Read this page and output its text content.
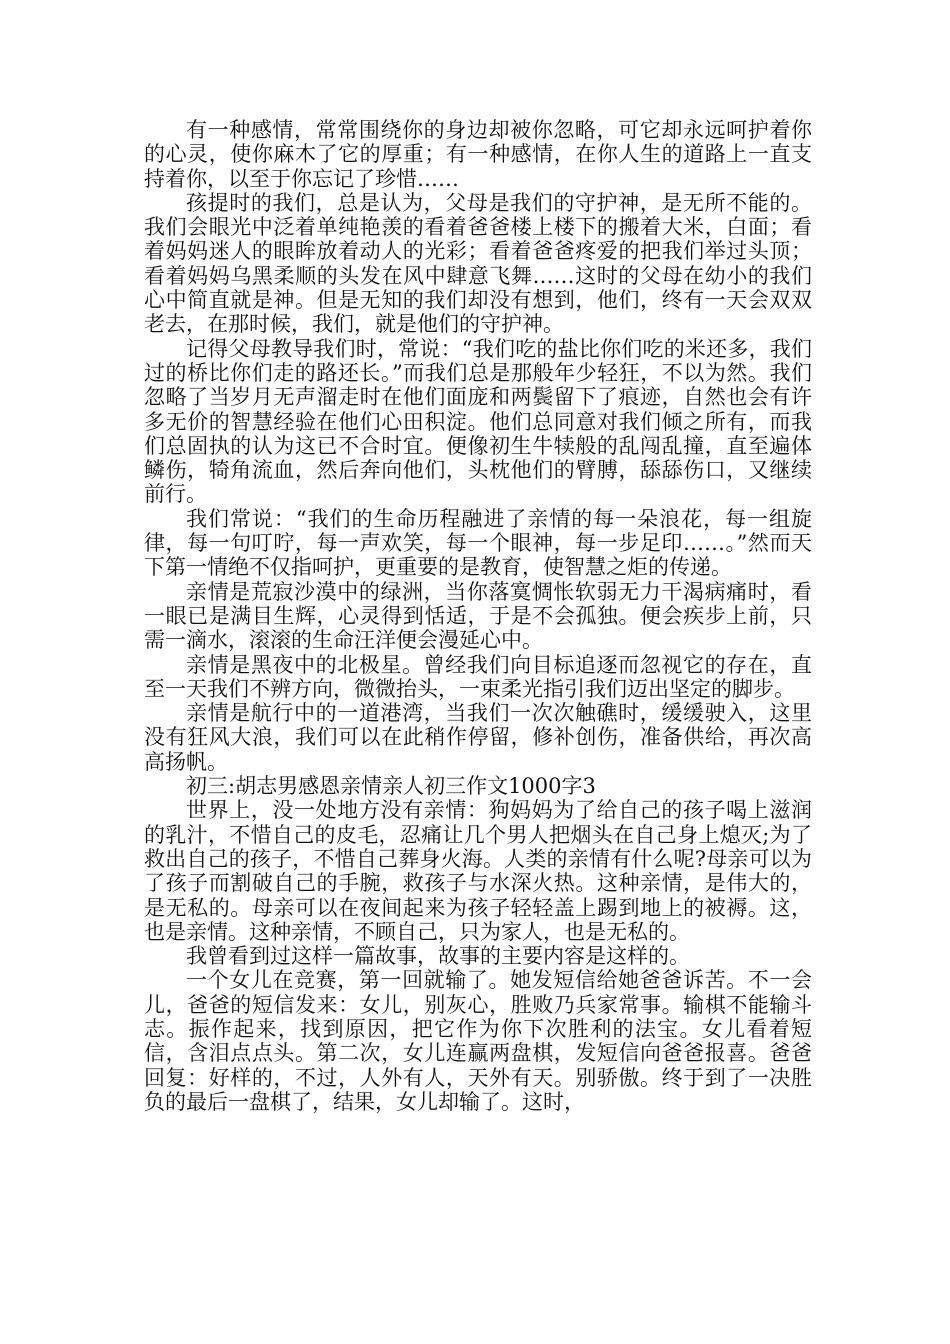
有一种感情，常常围绕你的身边却被你忽略，可它却永远呵护着你的心灵，使你麻木了它的厚重；有一种感情，在你人生的道路上一直支持着你，以至于你忘记了珍惜……

孩提时的我们，总是认为，父母是我们的守护神，是无所不能的。我们会眼光中泛着单纯艳羡的看着爸爸楼上楼下的搬着大米，白面；看着妈妈迷人的眼眸放着动人的光彩；看着爸爸疼爱的把我们举过头顶；看着妈妈乌黑柔顺的头发在风中肆意飞舞……这时的父母在幼小的我们心中简直就是神。但是无知的我们却没有想到，他们，终有一天会双双老去，在那时候，我们，就是他们的守护神。

记得父母教导我们时，常说：“我们吃的盐比你们吃的米还多，我们过的桥比你们走的路还长。”而我们总是那般年少轻狂，不以为然。我们忽略了当岁月无声溜走时在他们面庞和两鬓留下了痕迹，自然也会有许多无价的智慧经验在他们心田积淀。他们总同意对我们倾之所有，而我们总固执的认为这已不合时宜。便像初生牛犊般的乱闯乱撞，直至遍体鳞伤，犄角流血，然后奔向他们，头枕他们的臂膊，舔舔伤口，又继续前行。

我们常说：“我们的生命历程融进了亲情的每一朵浪花，每一组旋律，每一句叮咛，每一声欢笑，每一个眼神，每一步足印……。”然而天下第一情绝不仅指呵护，更重要的是教育，使智慧之炬的传递。

亲情是荒寂沙漠中的绿洲，当你落寞惆怅软弱无力干渴病痛时，看一眼已是满目生辉，心灵得到恬适，于是不会孤独。便会疾步上前，只需一滴水，滚滚的生命汪洋便会漫延心中。

亲情是黑夜中的北极星。曾经我们向目标追逐而忽视它的存在，直至一天我们不辨方向，微微抬头，一束柔光指引我们迈出坚定的脚步。

亲情是航行中的一道港湾，当我们一次次触礁时，缓缓驶入，这里没有狂风大浪，我们可以在此稍作停留，修补创伤，准备供给，再次高高扬帆。

初三:胡志男感恩亲情亲人初三作文1000字3

世界上，没一处地方没有亲情：狗妈妈为了给自己的孩子喝上滋润的乳汁，不惜自己的皮毛，忍痛让几个男人把烟头在自己身上熄灭;为了救出自己的孩子，不惜自己葬身火海。人类的亲情有什么呢?母亲可以为了孩子而割破自己的手腕，救孩子与水深火热。这种亲情，是伟大的，是无私的。母亲可以在夜间起来为孩子轻轻盖上踢到地上的被褥。这，也是亲情。这种亲情，不顾自己，只为家人，也是无私的。

我曾看到过这样一篇故事，故事的主要内容是这样的。

一个女儿在竞赛，第一回就输了。她发短信给她爸爸诉苦。不一会儿，爸爸的短信发来：女儿，别灰心，胜败乃兵家常事。输棋不能输斗志。振作起来，找到原因，把它作为你下次胜利的法宝。女儿看着短信，含泪点点头。第二次，女儿连赢两盘棋，发短信向爸爸报喜。爸爸回复：好样的，不过，人外有人，天外有天。别骄傲。终于到了一决胜负的最后一盘棋了，结果，女儿却输了。这时，
